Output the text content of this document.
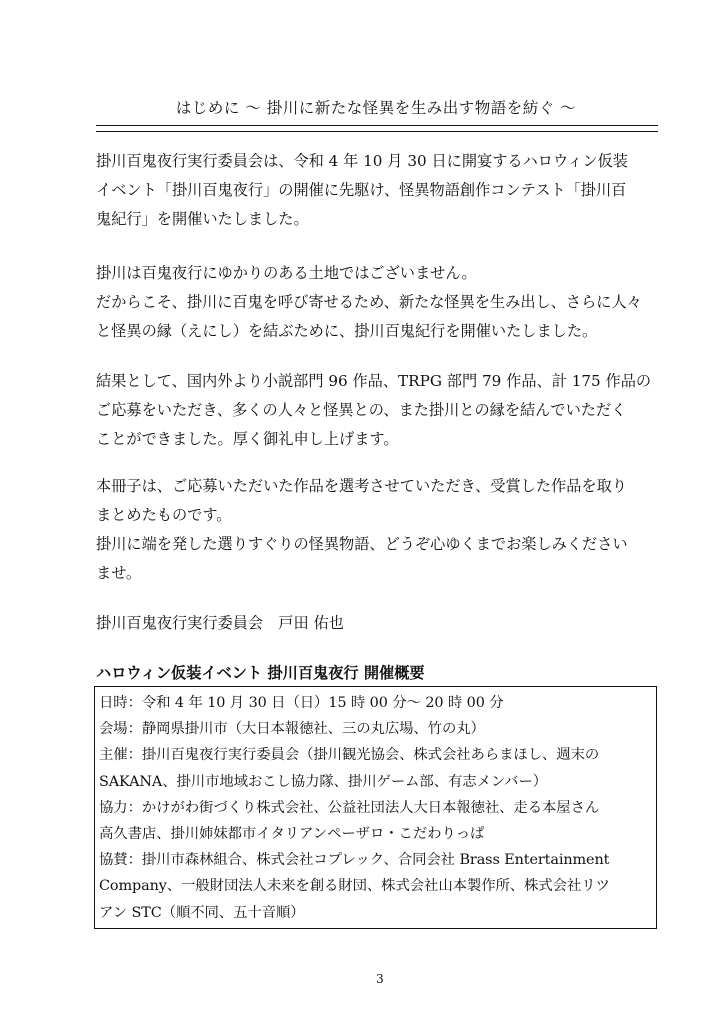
はじめに ～ 掛川に新たな怪異を生み出す物語を紡ぐ ～
掛川百鬼夜行実行委員会は、令和 4 年 10 月 30 日に開宴するハロウィン仮装
イベント「掛川百鬼夜行」の開催に先駆け、怪異物語創作コンテスト「掛川百
鬼紀行」を開催いたしました。
掛川は百鬼夜行にゆかりのある土地ではございません。
だからこそ、掛川に百鬼を呼び寄せるため、新たな怪異を生み出し、さらに人々
と怪異の縁（えにし）を結ぶために、掛川百鬼紀行を開催いたしました。
結果として、国内外より小説部門 96 作品、TRPG 部門 79 作品、計 175 作品の
ご応募をいただき、多くの人々と怪異との、また掛川との縁を結んでいただく
ことができました。厚く御礼申し上げます。
本冊子は、ご応募いただいた作品を選考させていただき、受賞した作品を取り
まとめたものです。
掛川に端を発した選りすぐりの怪異物語、どうぞ心ゆくまでお楽しみください
ませ。
掛川百鬼夜行実行委員会　戸田 佑也
ハロウィン仮装イベント 掛川百鬼夜行 開催概要
日時：令和 4 年 10 月 30 日（日）15 時 00 分～ 20 時 00 分
会場：静岡県掛川市（大日本報徳社、三の丸広場、竹の丸）
主催：掛川百鬼夜行実行委員会（掛川観光協会、株式会社あらまほし、週末の
SAKANA、掛川市地域おこし協力隊、掛川ゲーム部、有志メンバー）
協力：かけがわ街づくり株式会社、公益社団法人大日本報徳社、走る本屋さん
高久書店、掛川姉妹都市イタリアンペーザロ・こだわりっぱ
協賛：掛川市森林組合、株式会社コプレック、合同会社 Brass Entertainment
Company、一般財団法人未来を創る財団、株式会社山本製作所、株式会社リツ
アン STC（順不同、五十音順）
3
